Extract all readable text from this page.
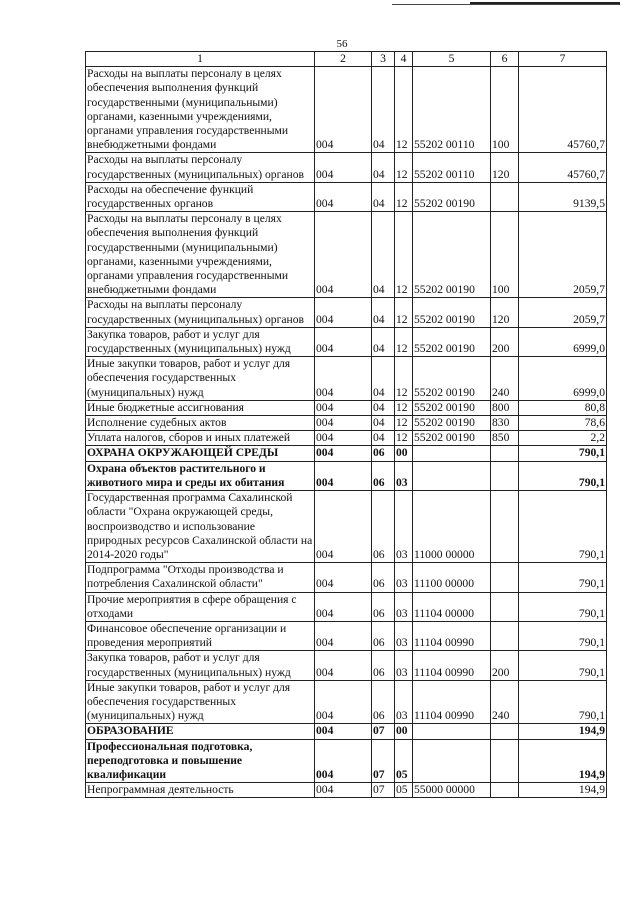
56
1	2	3	4	5	6	7
Расходы на выплаты персоналу в целях обеспечения выполнения функций государственными (муниципальными) органами, казенными учреждениями, органами управления государственными внебюджетными фондами	004	04	12	55202 00110	100	45760,7
Расходы на выплаты персоналу государственных (муниципальных) органов	004	04	12	55202 00110	120	45760,7
Расходы на обеспечение функций государственных органов	004	04	12	55202 00190		9139,5
Расходы на выплаты персоналу в целях обеспечения выполнения функций государственными (муниципальными) органами, казенными учреждениями, органами управления государственными внебюджетными фондами	004	04	12	55202 00190	100	2059,7
Расходы на выплаты персоналу государственных (муниципальных) органов	004	04	12	55202 00190	120	2059,7
Закупка товаров, работ и услуг для государственных (муниципальных) нужд	004	04	12	55202 00190	200	6999,0
Иные закупки товаров, работ и услуг для обеспечения государственных (муниципальных) нужд	004	04	12	55202 00190	240	6999,0
Иные бюджетные ассигнования	004	04	12	55202 00190	800	80,8
Исполнение судебных актов	004	04	12	55202 00190	830	78,6
Уплата налогов, сборов и иных платежей	004	04	12	55202 00190	850	2,2
ОХРАНА ОКРУЖАЮЩЕЙ СРЕДЫ	004	06	00			790,1
Охрана объектов растительного и животного мира и среды их обитания	004	06	03			790,1
Государственная программа Сахалинской области "Охрана окружающей среды, воспроизводство и использование природных ресурсов Сахалинской области на 2014-2020 годы"	004	06	03	11000 00000		790,1
Подпрограмма "Отходы производства и потребления Сахалинской области"	004	06	03	11100 00000		790,1
Прочие мероприятия в сфере обращения с отходами	004	06	03	11104 00000		790,1
Финансовое обеспечение организации и проведения мероприятий	004	06	03	11104 00990		790,1
Закупка товаров, работ и услуг для государственных (муниципальных) нужд	004	06	03	11104 00990	200	790,1
Иные закупки товаров, работ и услуг для обеспечения государственных (муниципальных) нужд	004	06	03	11104 00990	240	790,1
ОБРАЗОВАНИЕ	004	07	00			194,9
Профессиональная подготовка, переподготовка и повышение квалификации	004	07	05			194,9
Непрограммная деятельность	004	07	05	55000 00000		194,9
